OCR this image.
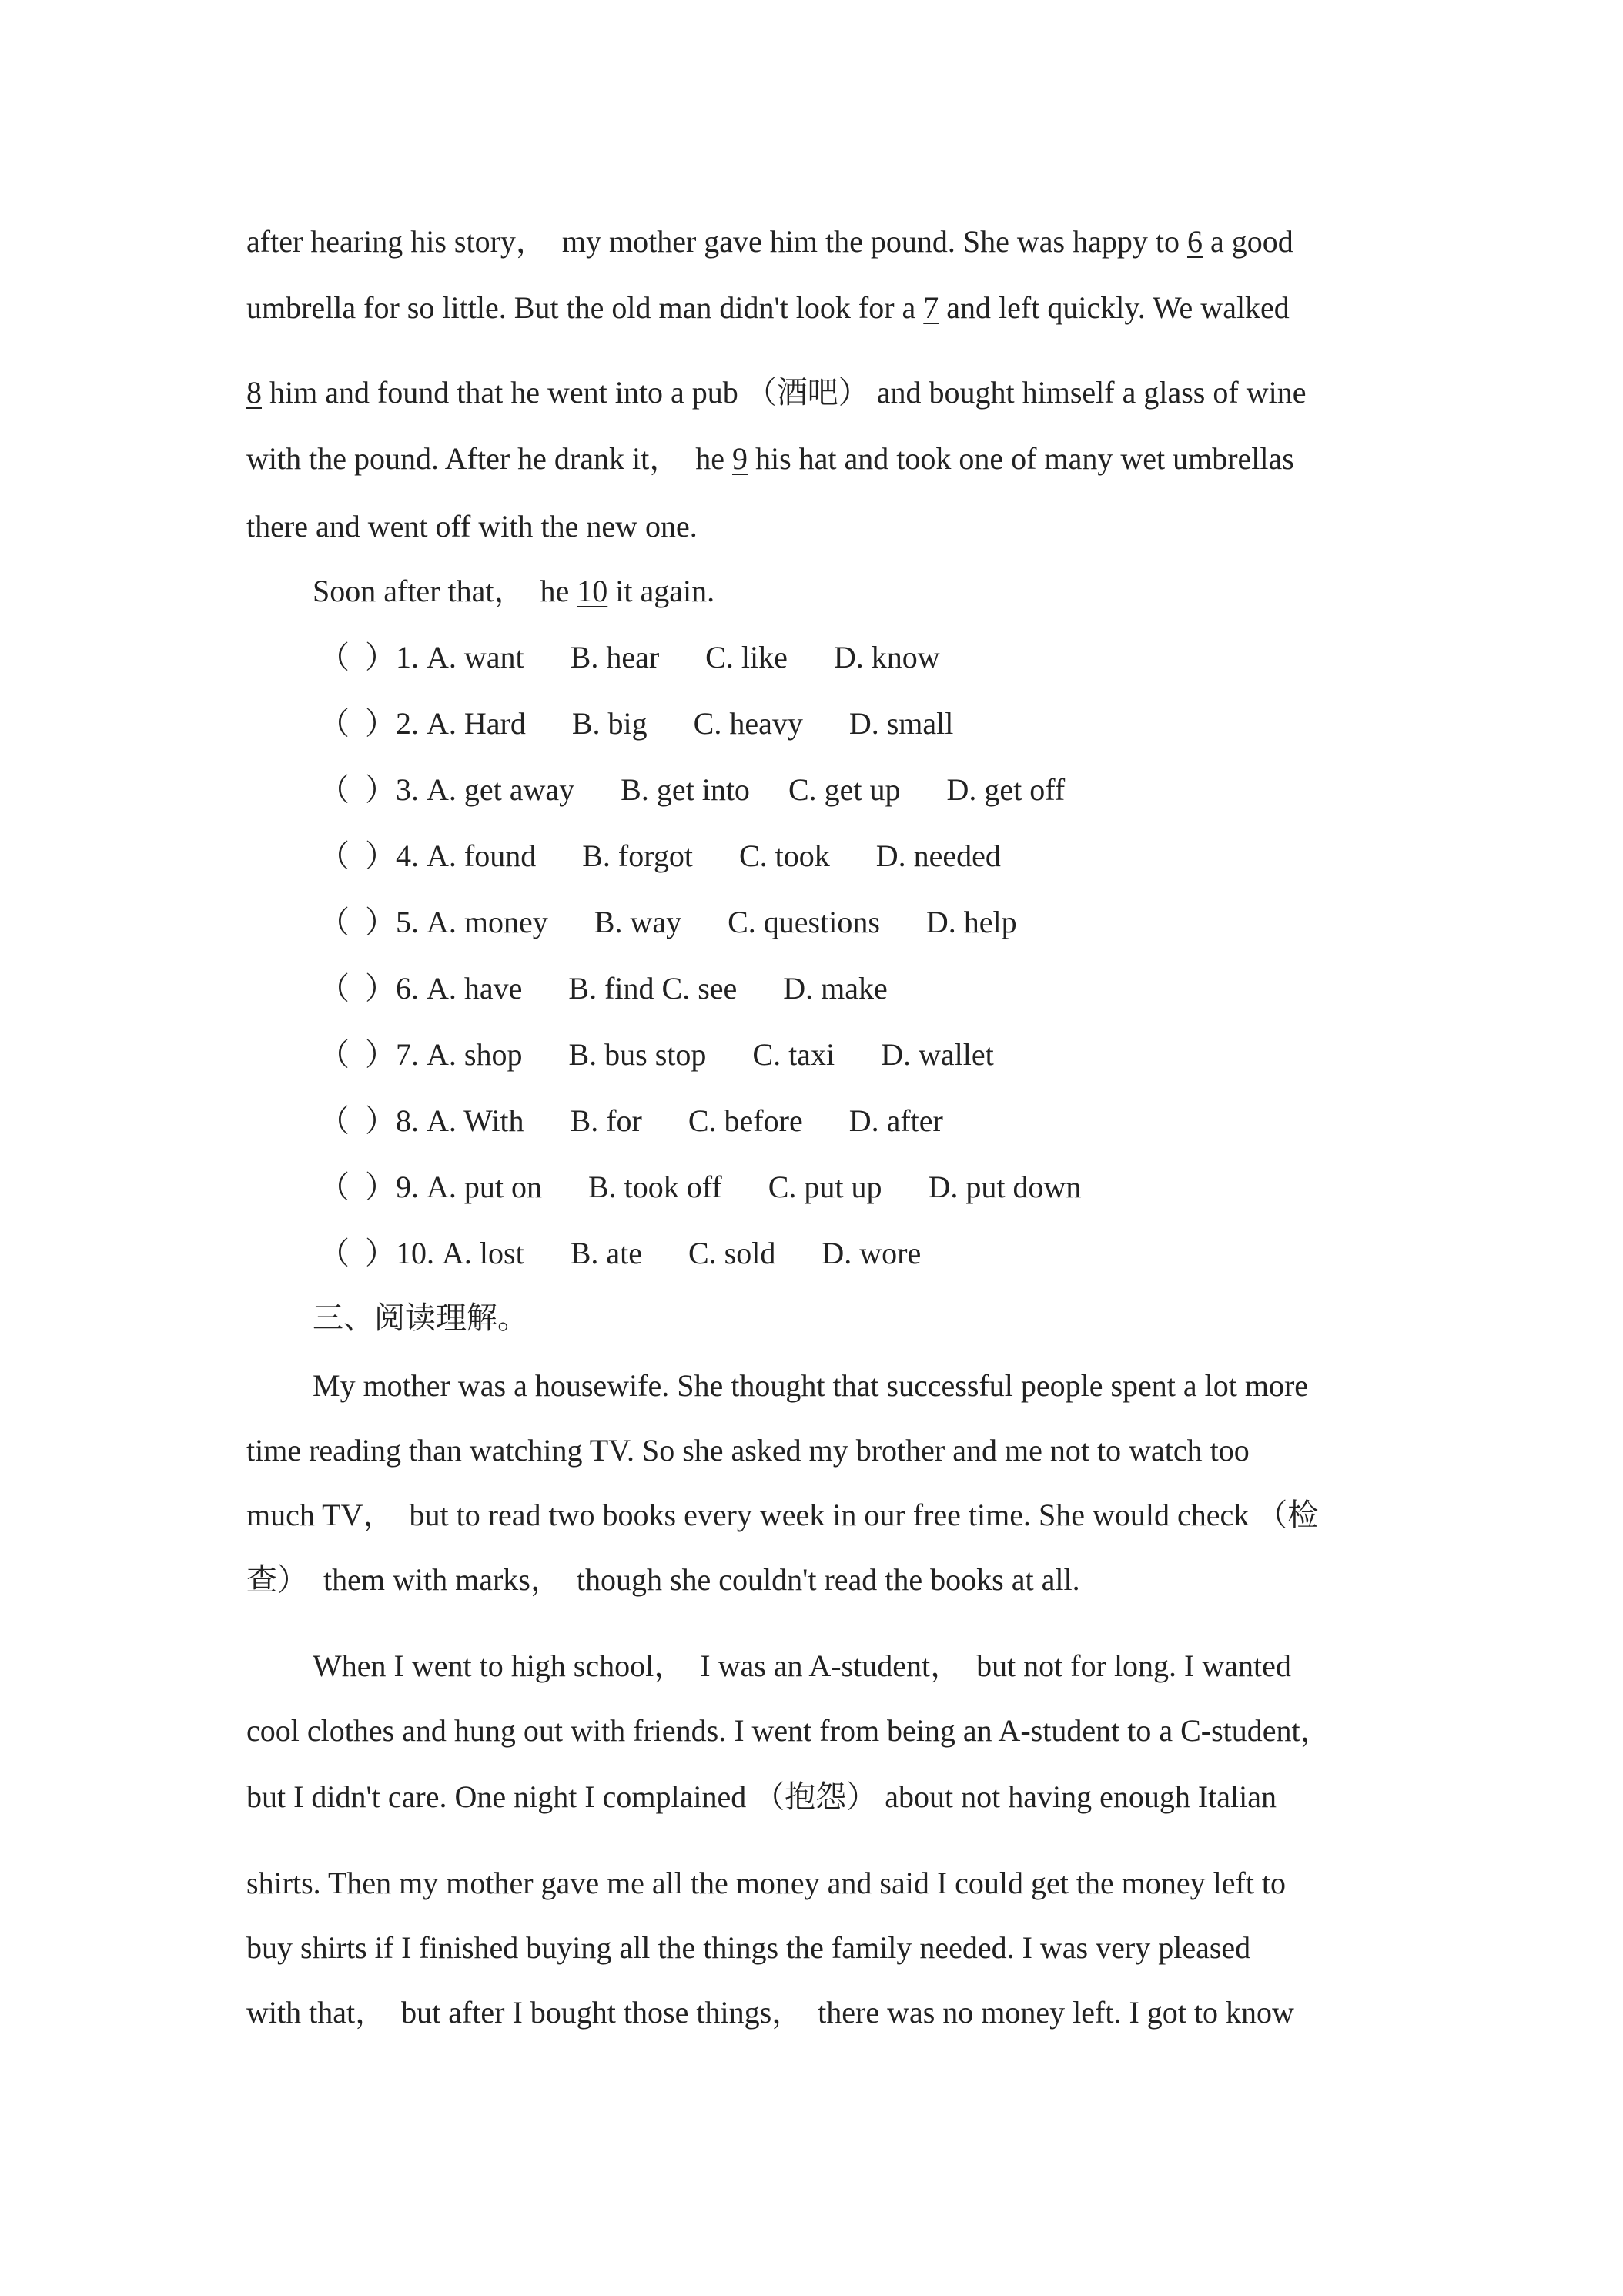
after hearing his story，  my mother gave him the pound. She was happy to 6 a good
umbrella for so little. But the old man didn't look for a 7 and left quickly. We walked
8 him and found that he went into a pub （酒吧） and bought himself a glass of wine
with the pound. After he drank it，  he 9 his hat and took one of many wet umbrellas
there and went off with the new one.
Soon after that，  he 10 it again.
（  ）1. A. want B. hear C. like D. know
（  ）2. A. Hard B. big C. heavy D. small
（  ）3. A. get away B. get into C. get up D. get off
（  ）4. A. found B. forgot C. took D. needed
（  ）5. A. money B. way C. questions D. help
（  ）6. A. have B. find C. see D. make
（  ）7. A. shop B. bus stop C. taxi D. wallet
（  ）8. A. With B. for C. before D. after
（  ）9. A. put on B. took off C. put up D. put down
（  ）10. A. lost B. ate C. sold D. wore
三、阅读理解。
My mother was a housewife. She thought that successful people spent a lot more
time reading than watching TV. So she asked my brother and me not to watch too
much TV，  but to read two books every week in our free time. She would check （检
查）  them with marks，  though she couldn't read the books at all.
When I went to high school，  I was an A-student，  but not for long. I wanted
cool clothes and hung out with friends. I went from being an A-student to a C-student，
but I didn't care. One night I complained （抱怨） about not having enough Italian
shirts. Then my mother gave me all the money and said I could get the money left to
buy shirts if I finished buying all the things the family needed. I was very pleased
with that，  but after I bought those things，  there was no money left. I got to know
